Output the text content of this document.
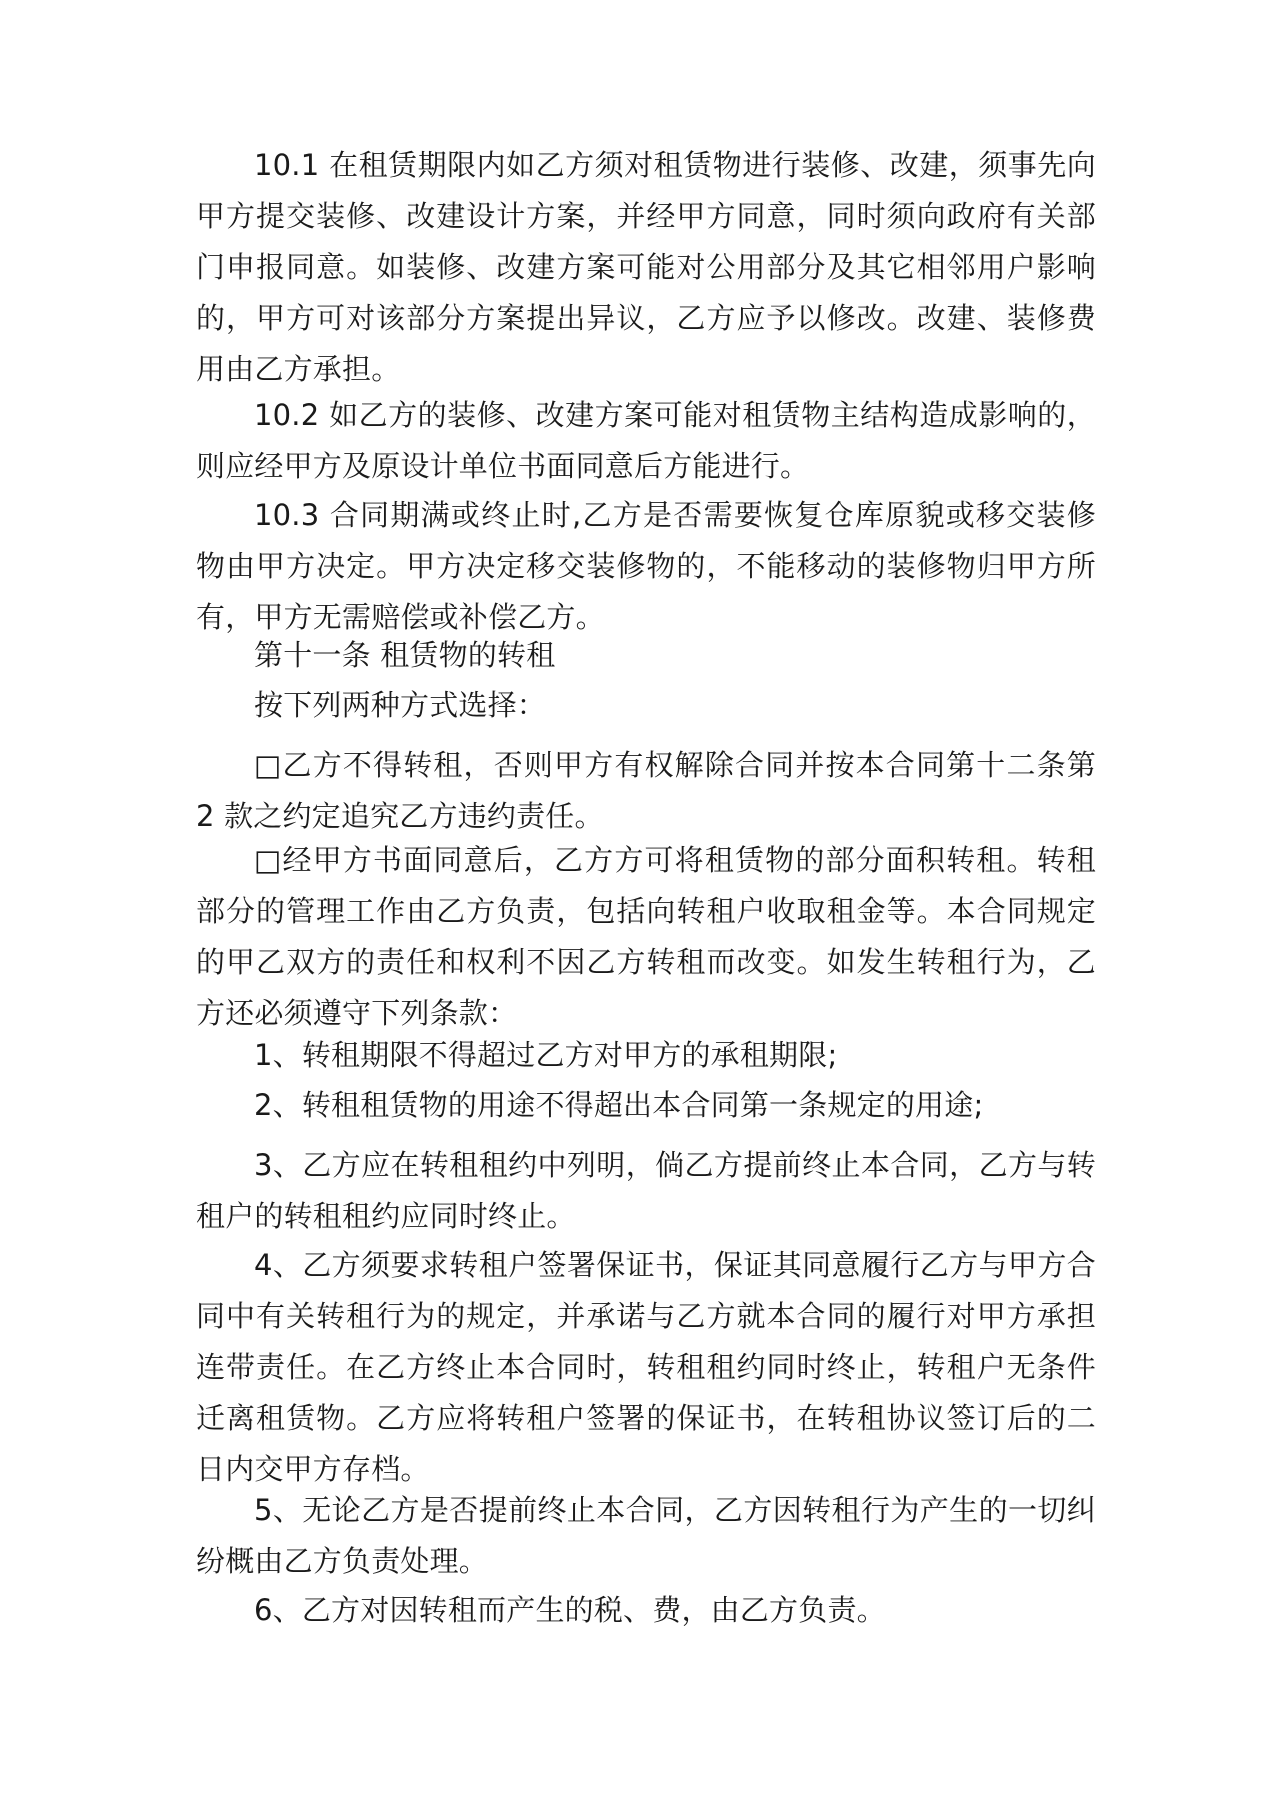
10.1 在租赁期限内如乙方须对租赁物进行装修、改建，须事先向甲方提交装修、改建设计方案，并经甲方同意，同时须向政府有关部门申报同意。如装修、改建方案可能对公用部分及其它相邻用户影响的，甲方可对该部分方案提出异议，乙方应予以修改。改建、装修费用由乙方承担。

10.2 如乙方的装修、改建方案可能对租赁物主结构造成影响的，则应经甲方及原设计单位书面同意后方能进行。

10.3 合同期满或终止时,乙方是否需要恢复仓库原貌或移交装修物由甲方决定。甲方决定移交装修物的，不能移动的装修物归甲方所有，甲方无需赔偿或补偿乙方。

第十一条 租赁物的转租

按下列两种方式选择：

□乙方不得转租，否则甲方有权解除合同并按本合同第十二条第 2 款之约定追究乙方违约责任。

□经甲方书面同意后，乙方方可将租赁物的部分面积转租。转租部分的管理工作由乙方负责，包括向转租户收取租金等。本合同规定的甲乙双方的责任和权利不因乙方转租而改变。如发生转租行为，乙方还必须遵守下列条款：

1、转租期限不得超过乙方对甲方的承租期限;

2、转租租赁物的用途不得超出本合同第一条规定的用途;

3、乙方应在转租租约中列明，倘乙方提前终止本合同，乙方与转租户的转租租约应同时终止。

4、乙方须要求转租户签署保证书，保证其同意履行乙方与甲方合同中有关转租行为的规定，并承诺与乙方就本合同的履行对甲方承担连带责任。在乙方终止本合同时，转租租约同时终止，转租户无条件迁离租赁物。乙方应将转租户签署的保证书，在转租协议签订后的二日内交甲方存档。

5、无论乙方是否提前终止本合同，乙方因转租行为产生的一切纠纷概由乙方负责处理。

6、乙方对因转租而产生的税、费，由乙方负责。
